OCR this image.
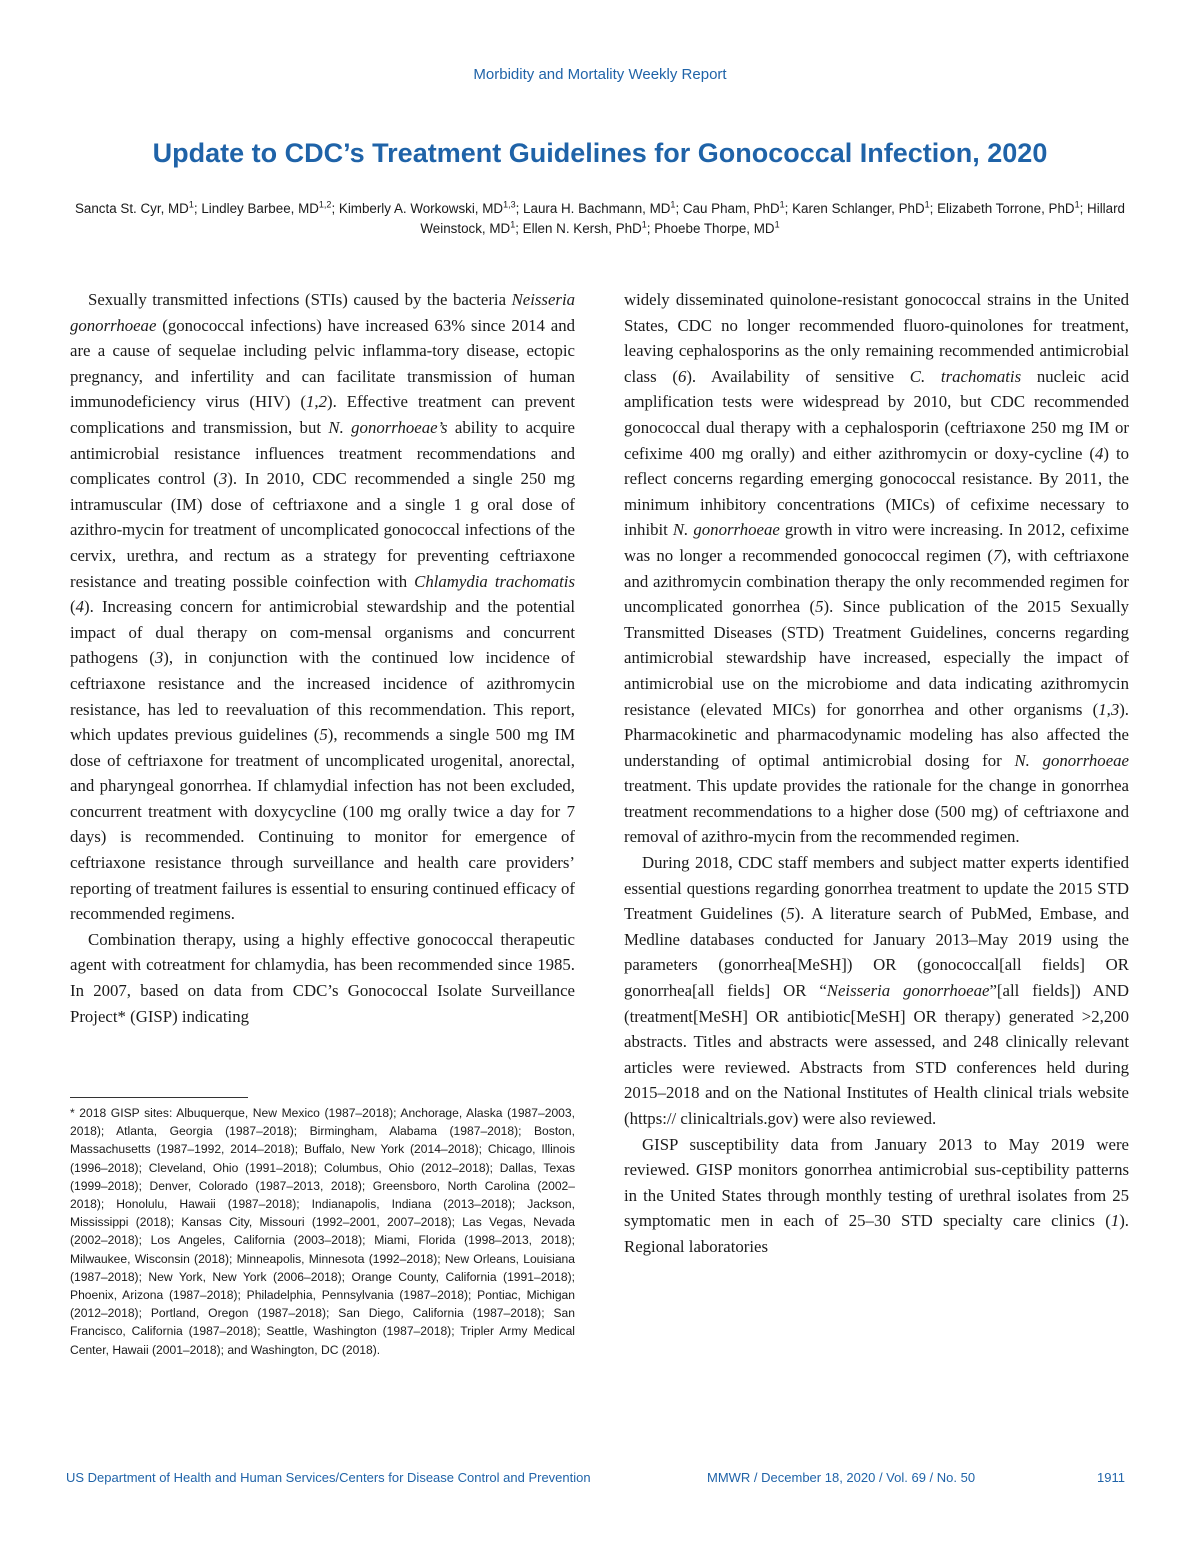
Morbidity and Mortality Weekly Report
Update to CDC’s Treatment Guidelines for Gonococcal Infection, 2020
Sancta St. Cyr, $MD^1$; Lindley Barbee, MD$^{1,2}$; Kimberly A. Workowski, MD$^{1,3}$; Laura H. Bachmann, $MD^1$; Cau Pham, PhD$^1$; Karen Schlanger, PhD$^1$; Elizabeth Torrone, PhD$^1$; Hillard Weinstock, $MD^1$; Ellen N. Kersh, PhD$^1$; Phoebe Thorpe, $MD^1$

Sexually transmitted infections (STIs) caused by the bacteria Neisseria gonorrhoeae (gonococcal infections) have increased 63% since 2014 and are a cause of sequelae including pelvic inflamma-tory disease, ectopic pregnancy, and infertility and can facilitate transmission of human immunodeficiency virus (HIV) (1,2). Effective treatment can prevent complications and transmission, but N. gonorrhoeae’s ability to acquire antimicrobial resistance influences treatment recommendations and complicates control (3). In 2010, CDC recommended a single 250 mg intramuscular (IM) dose of ceftriaxone and a single 1 g oral dose of azithro-mycin for treatment of uncomplicated gonococcal infections of the cervix, urethra, and rectum as a strategy for preventing ceftriaxone resistance and treating possible coinfection with Chlamydia trachomatis (4). Increasing concern for antimicrobial stewardship and the potential impact of dual therapy on com-mensal organisms and concurrent pathogens (3), in conjunction with the continued low incidence of ceftriaxone resistance and the increased incidence of azithromycin resistance, has led to reevaluation of this recommendation. This report, which updates previous guidelines (5), recommends a single 500 mg IM dose of ceftriaxone for treatment of uncomplicated urogenital, anorectal, and pharyngeal gonorrhea. If chlamydial infection has not been excluded, concurrent treatment with doxycycline (100 mg orally twice a day for 7 days) is recommended. Continuing to monitor for emergence of ceftriaxone resistance through surveillance and health care providers’ reporting of treatment failures is essential to ensuring continued efficacy of recommended regimens.

Combination therapy, using a highly effective gonococcal therapeutic agent with cotreatment for chlamydia, has been recommended since 1985. In 2007, based on data from CDC’s Gonococcal Isolate Surveillance Project* (GISP) indicating

widely disseminated quinolone-resistant gonococcal strains in the United States, CDC no longer recommended fluoro-quinolones for treatment, leaving cephalosporins as the only remaining recommended antimicrobial class (6). Availability of sensitive C. trachomatis nucleic acid amplification tests were widespread by 2010, but CDC recommended gonococcal dual therapy with a cephalosporin (ceftriaxone 250 mg IM or cefixime 400 mg orally) and either azithromycin or doxy-cycline (4) to reflect concerns regarding emerging gonococcal resistance. By 2011, the minimum inhibitory concentrations (MICs) of cefixime necessary to inhibit N. gonorrhoeae growth in vitro were increasing. In 2012, cefixime was no longer a recommended gonococcal regimen (7), with ceftriaxone and azithromycin combination therapy the only recommended regimen for uncomplicated gonorrhea (5). Since publication of the 2015 Sexually Transmitted Diseases (STD) Treatment Guidelines, concerns regarding antimicrobial stewardship have increased, especially the impact of antimicrobial use on the microbiome and data indicating azithromycin resistance (elevated MICs) for gonorrhea and other organisms (1,3). Pharmacokinetic and pharmacodynamic modeling has also affected the understanding of optimal antimicrobial dosing for N. gonorrhoeae treatment. This update provides the rationale for the change in gonorrhea treatment recommendations to a higher dose (500 mg) of ceftriaxone and removal of azithro-mycin from the recommended regimen.

During 2018, CDC staff members and subject matter experts identified essential questions regarding gonorrhea treatment to update the 2015 STD Treatment Guidelines (5). A literature search of PubMed, Embase, and Medline databases conducted for January 2013–May 2019 using the parameters (gonorrhea[MeSH]) OR (gonococcal[all fields] OR gonorrhea[all fields] OR “Neisseria gonorrhoeae”[all fields]) AND (treatment[MeSH] OR antibiotic[MeSH] OR therapy) generated >2,200 abstracts. Titles and abstracts were assessed, and 248 clinically relevant articles were reviewed. Abstracts from STD conferences held during 2015–2018 and on the National Institutes of Health clinical trials website (https:// clinicaltrials.gov) were also reviewed.

GISP susceptibility data from January 2013 to May 2019 were reviewed. GISP monitors gonorrhea antimicrobial sus-ceptibility patterns in the United States through monthly testing of urethral isolates from 25 symptomatic men in each of 25–30 STD specialty care clinics (1). Regional laboratories

* 2018 GISP sites: Albuquerque, New Mexico (1987–2018); Anchorage, Alaska (1987–2003, 2018); Atlanta, Georgia (1987–2018); Birmingham, Alabama (1987–2018); Boston, Massachusetts (1987–1992, 2014–2018); Buffalo, New York (2014–2018); Chicago, Illinois (1996–2018); Cleveland, Ohio (1991–2018); Columbus, Ohio (2012–2018); Dallas, Texas (1999–2018); Denver, Colorado (1987–2013, 2018); Greensboro, North Carolina (2002–2018); Honolulu, Hawaii (1987–2018); Indianapolis, Indiana (2013–2018); Jackson, Mississippi (2018); Kansas City, Missouri (1992–2001, 2007–2018); Las Vegas, Nevada (2002–2018); Los Angeles, California (2003–2018); Miami, Florida (1998–2013, 2018); Milwaukee, Wisconsin (2018); Minneapolis, Minnesota (1992–2018); New Orleans, Louisiana (1987–2018); New York, New York (2006–2018); Orange County, California (1991–2018); Phoenix, Arizona (1987–2018); Philadelphia, Pennsylvania (1987–2018); Pontiac, Michigan (2012–2018); Portland, Oregon (1987–2018); San Diego, California (1987–2018); San Francisco, California (1987–2018); Seattle, Washington (1987–2018); Tripler Army Medical Center, Hawaii (2001–2018); and Washington, DC (2018).
US Department of Health and Human Services/Centers for Disease Control and Prevention	MMWR / December 18, 2020 / Vol. 69 / No. 50	1911
